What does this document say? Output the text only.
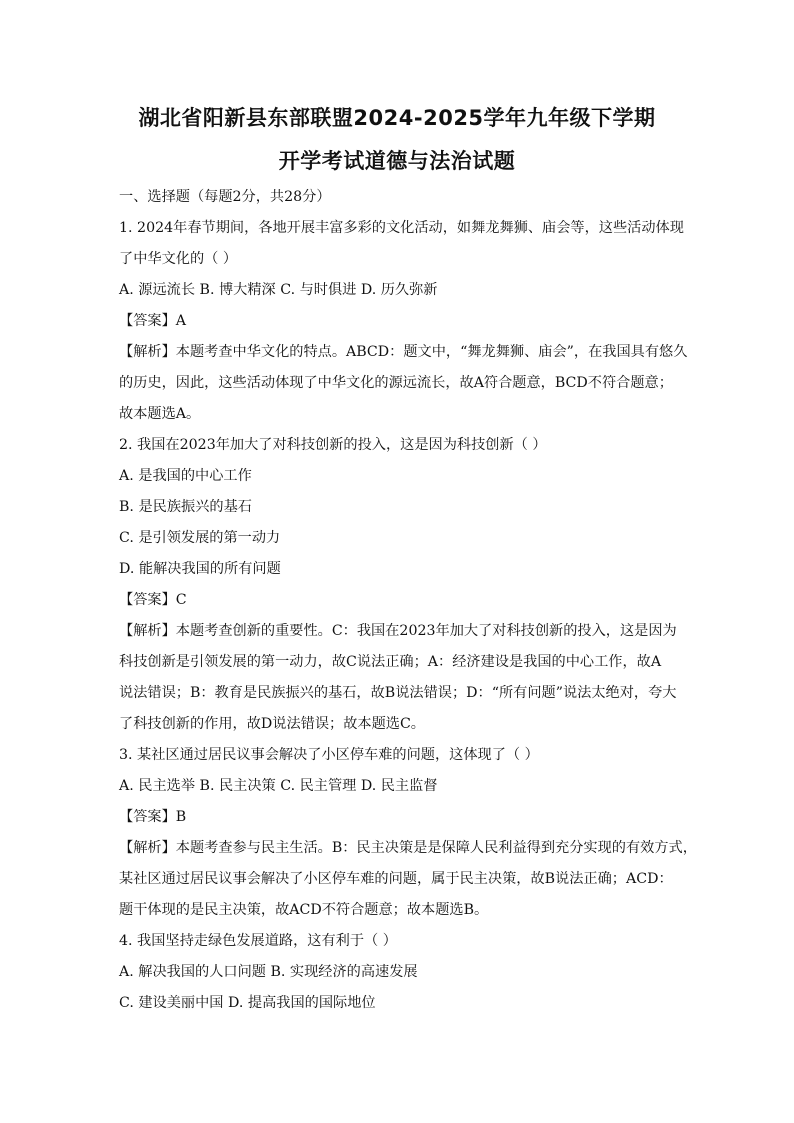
湖北省阳新县东部联盟2024-2025学年九年级下学期
开学考试道德与法治试题
一、选择题（每题2分，共28分）
1. 2024年春节期间，各地开展丰富多彩的文化活动，如舞龙舞狮、庙会等，这些活动体现
了中华文化的（ ）
A. 源远流长 B. 博大精深 C. 与时俱进 D. 历久弥新
【答案】A
【解析】本题考查中华文化的特点。ABCD：题文中，“舞龙舞狮、庙会”，在我国具有悠久
的历史，因此，这些活动体现了中华文化的源远流长，故A符合题意，BCD不符合题意；
故本题选A。
2. 我国在2023年加大了对科技创新的投入，这是因为科技创新（ ）
A. 是我国的中心工作
B. 是民族振兴的基石
C. 是引领发展的第一动力
D. 能解决我国的所有问题
【答案】C
【解析】本题考查创新的重要性。C：我国在2023年加大了对科技创新的投入，这是因为
科技创新是引领发展的第一动力，故C说法正确；A：经济建设是我国的中心工作，故A
说法错误；B：教育是民族振兴的基石，故B说法错误；D：“所有问题”说法太绝对，夸大
了科技创新的作用，故D说法错误；故本题选C。
3. 某社区通过居民议事会解决了小区停车难的问题，这体现了（ ）
A. 民主选举 B. 民主决策 C. 民主管理 D. 民主监督
【答案】B
【解析】本题考查参与民主生活。B：民主决策是是保障人民利益得到充分实现的有效方式，
某社区通过居民议事会解决了小区停车难的问题，属于民主决策，故B说法正确；ACD：
题干体现的是民主决策，故ACD不符合题意；故本题选B。
4. 我国坚持走绿色发展道路，这有利于（ ）
A. 解决我国的人口问题 B. 实现经济的高速发展
C. 建设美丽中国 D. 提高我国的国际地位
